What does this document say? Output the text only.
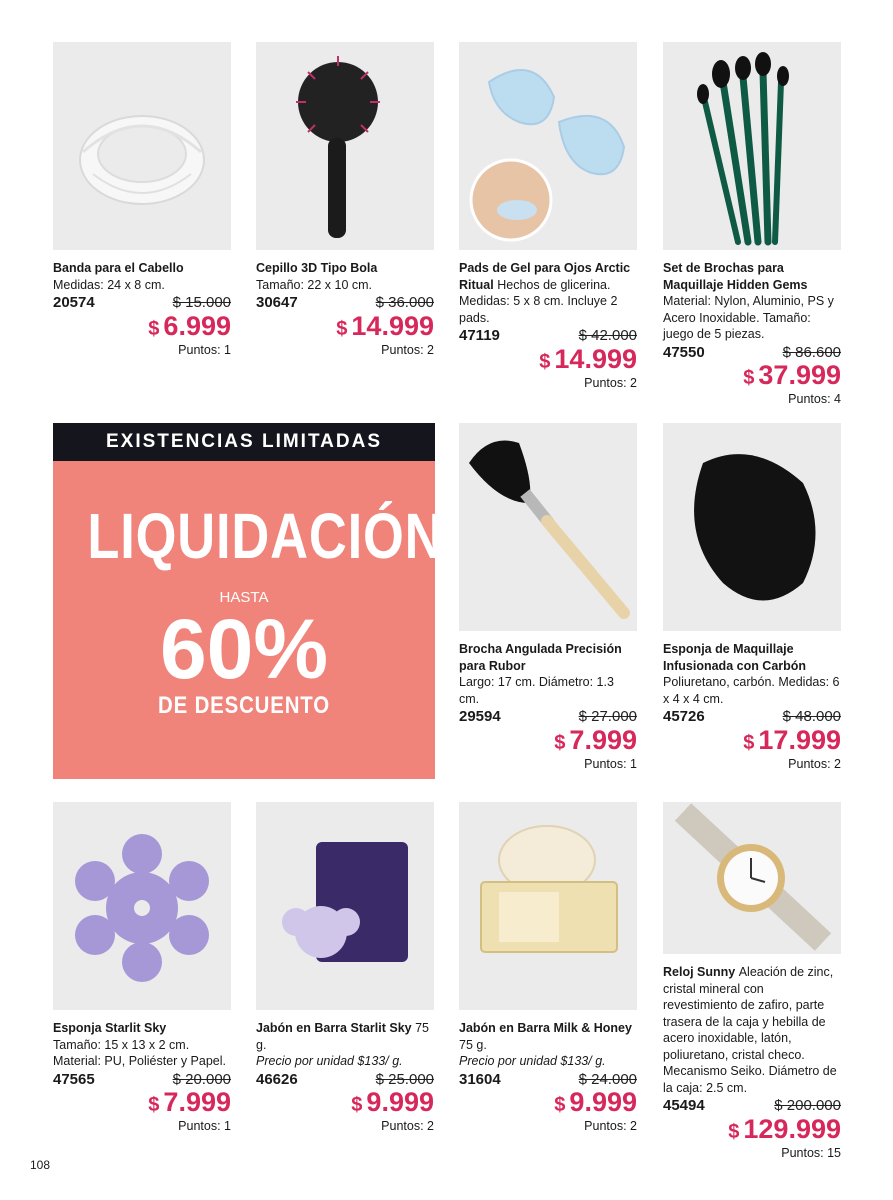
Banda para el Cabello
Medidas: 24 x 8 cm.
20574	$ 15.000
$ 6.999
Puntos: 1
Cepillo 3D Tipo Bola
Tamaño: 22 x 10 cm.
30647	$ 36.000
$ 14.999
Puntos: 2
Pads de Gel para Ojos Arctic Ritual Hechos de glicerina. Medidas: 5 x 8 cm. Incluye 2 pads.
47119	$ 42.000
$ 14.999
Puntos: 2
Set de Brochas para Maquillaje Hidden Gems
Material: Nylon, Aluminio, PS y Acero Inoxidable. Tamaño: juego de 5 piezas.
47550	$ 86.600
$ 37.999
Puntos: 4
EXISTENCIAS LIMITADAS
LIQUIDACIÓN
HASTA
60%
DE DESCUENTO
Brocha Angulada Precisión para Rubor
Largo: 17 cm. Diámetro: 1.3 cm.
29594	$ 27.000
$ 7.999
Puntos: 1
Esponja de Maquillaje Infusionada con Carbón
Poliuretano, carbón. Medidas: 6 x 4 x 4 cm.
45726	$ 48.000
$ 17.999
Puntos: 2
Esponja Starlit Sky
Tamaño: 15 x 13 x 2 cm. Material: PU, Poliéster y Papel.
47565	$ 20.000
$ 7.999
Puntos: 1
Jabón en Barra Starlit Sky 75 g.
Precio por unidad $133/ g.
46626	$ 25.000
$ 9.999
Puntos: 2
Jabón en Barra Milk & Honey 75 g.
Precio por unidad $133/ g.
31604	$ 24.000
$ 9.999
Puntos: 2
Reloj Sunny Aleación de zinc, cristal mineral con revestimiento de zafiro, parte trasera de la caja y hebilla de acero inoxidable, latón, poliuretano, cristal checo. Mecanismo Seiko. Diámetro de la caja: 2.5 cm.
45494	$ 200.000
$ 129.999
Puntos: 15
108
